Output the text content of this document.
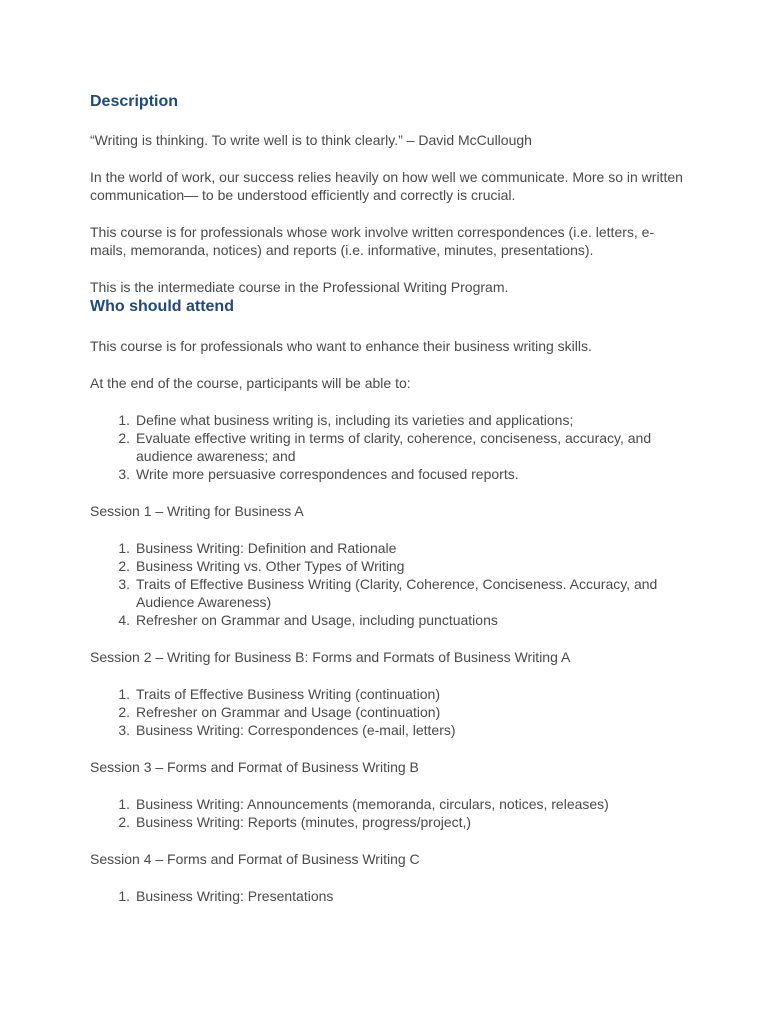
Description

“Writing is thinking. To write well is to think clearly.” – David McCullough

In the world of work, our success relies heavily on how well we communicate. More so in written communication— to be understood efficiently and correctly is crucial.

This course is for professionals whose work involve written correspondences (i.e. letters, e-mails, memoranda, notices) and reports (i.e. informative, minutes, presentations).

This is the intermediate course in the Professional Writing Program.

Who should attend

This course is for professionals who want to enhance their business writing skills.

At the end of the course, participants will be able to:

1. Define what business writing is, including its varieties and applications;
2. Evaluate effective writing in terms of clarity, coherence, conciseness, accuracy, and audience awareness; and
3. Write more persuasive correspondences and focused reports.

Session 1 – Writing for Business A

1. Business Writing: Definition and Rationale
2. Business Writing vs. Other Types of Writing
3. Traits of Effective Business Writing (Clarity, Coherence, Conciseness. Accuracy, and Audience Awareness)
4. Refresher on Grammar and Usage, including punctuations

Session 2 – Writing for Business B: Forms and Formats of Business Writing A

1. Traits of Effective Business Writing (continuation)
2. Refresher on Grammar and Usage (continuation)
3. Business Writing: Correspondences (e-mail, letters)

Session 3 – Forms and Format of Business Writing B

1. Business Writing: Announcements (memoranda, circulars, notices, releases)
2. Business Writing: Reports (minutes, progress/project,)

Session 4 – Forms and Format of Business Writing C

1. Business Writing: Presentations
